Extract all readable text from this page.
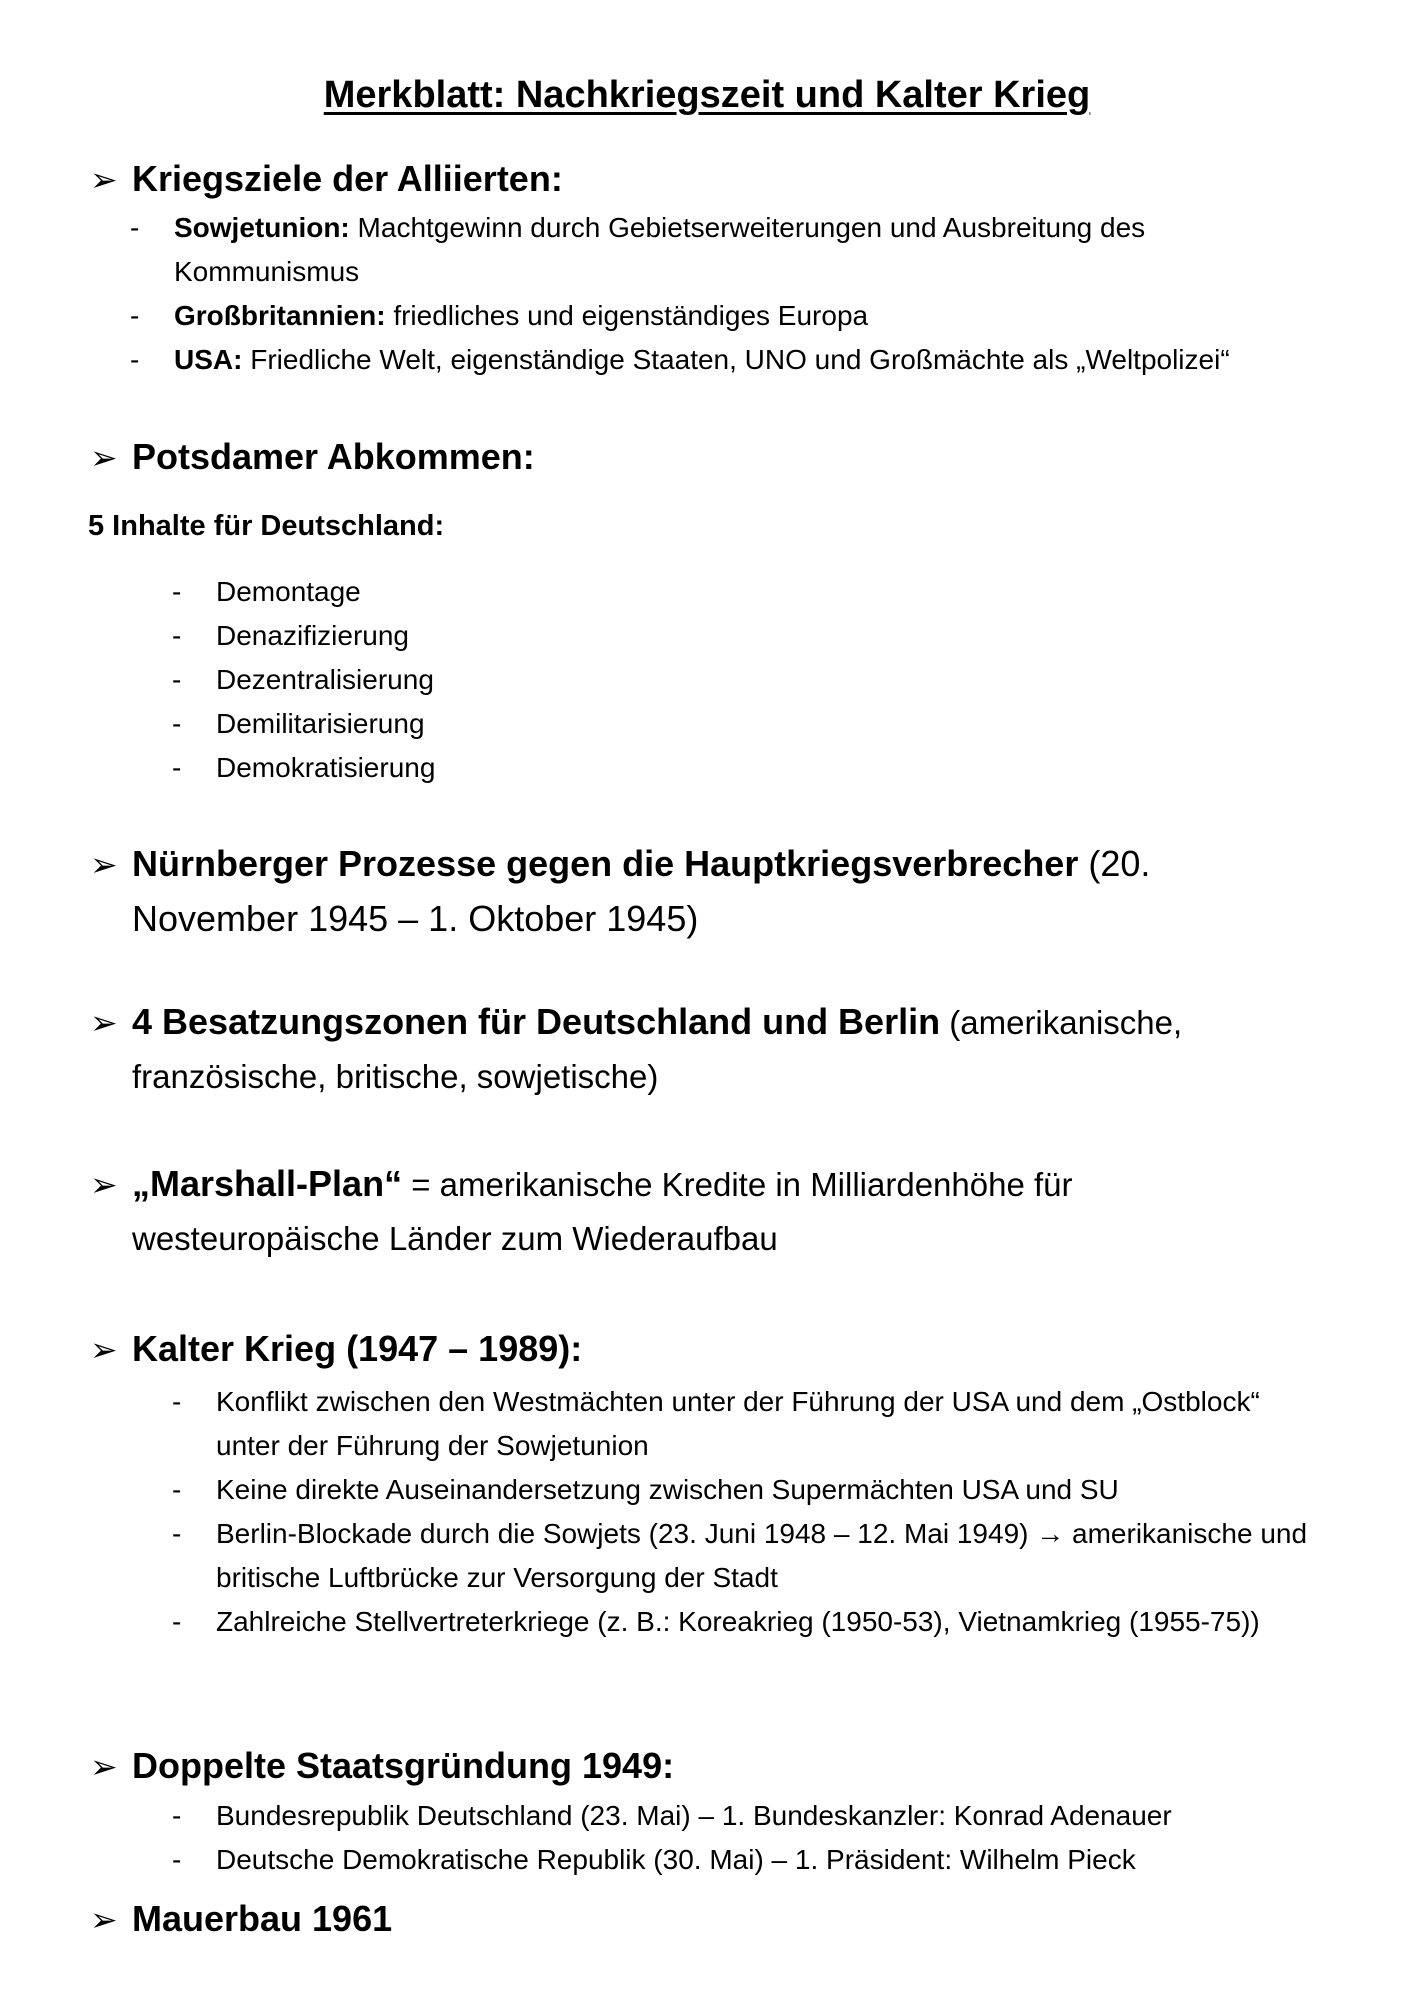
Merkblatt: Nachkriegszeit und Kalter Krieg
➢ Kriegsziele der Alliierten:
- Sowjetunion: Machtgewinn durch Gebietserweiterungen und Ausbreitung des Kommunismus
- Großbritannien: friedliches und eigenständiges Europa
- USA: Friedliche Welt, eigenständige Staaten, UNO und Großmächte als „Weltpolizei“
➢ Potsdamer Abkommen:
5 Inhalte für Deutschland:
- Demontage
- Denazifizierung
- Dezentralisierung
- Demilitarisierung
- Demokratisierung
➢ Nürnberger Prozesse gegen die Hauptkriegsverbrecher (20.
November 1945 – 1. Oktober 1945)
➢ 4 Besatzungszonen für Deutschland und Berlin (amerikanische,
französische, britische, sowjetische)
➢ „Marshall-Plan“ = amerikanische Kredite in Milliardenhöhe für
westeuropäische Länder zum Wiederaufbau
➢ Kalter Krieg (1947 – 1989):
- Konflikt zwischen den Westmächten unter der Führung der USA und dem „Ostblock“ unter der Führung der Sowjetunion
- Keine direkte Auseinandersetzung zwischen Supermächten USA und SU
- Berlin-Blockade durch die Sowjets (23. Juni 1948 – 12. Mai 1949) → amerikanische und britische Luftbrücke zur Versorgung der Stadt
- Zahlreiche Stellvertreterkriege (z. B.: Koreakrieg (1950-53), Vietnamkrieg (1955-75))
➢ Doppelte Staatsgründung 1949:
- Bundesrepublik Deutschland (23. Mai) – 1. Bundeskanzler: Konrad Adenauer
- Deutsche Demokratische Republik (30. Mai) – 1. Präsident: Wilhelm Pieck
➢ Mauerbau 1961
